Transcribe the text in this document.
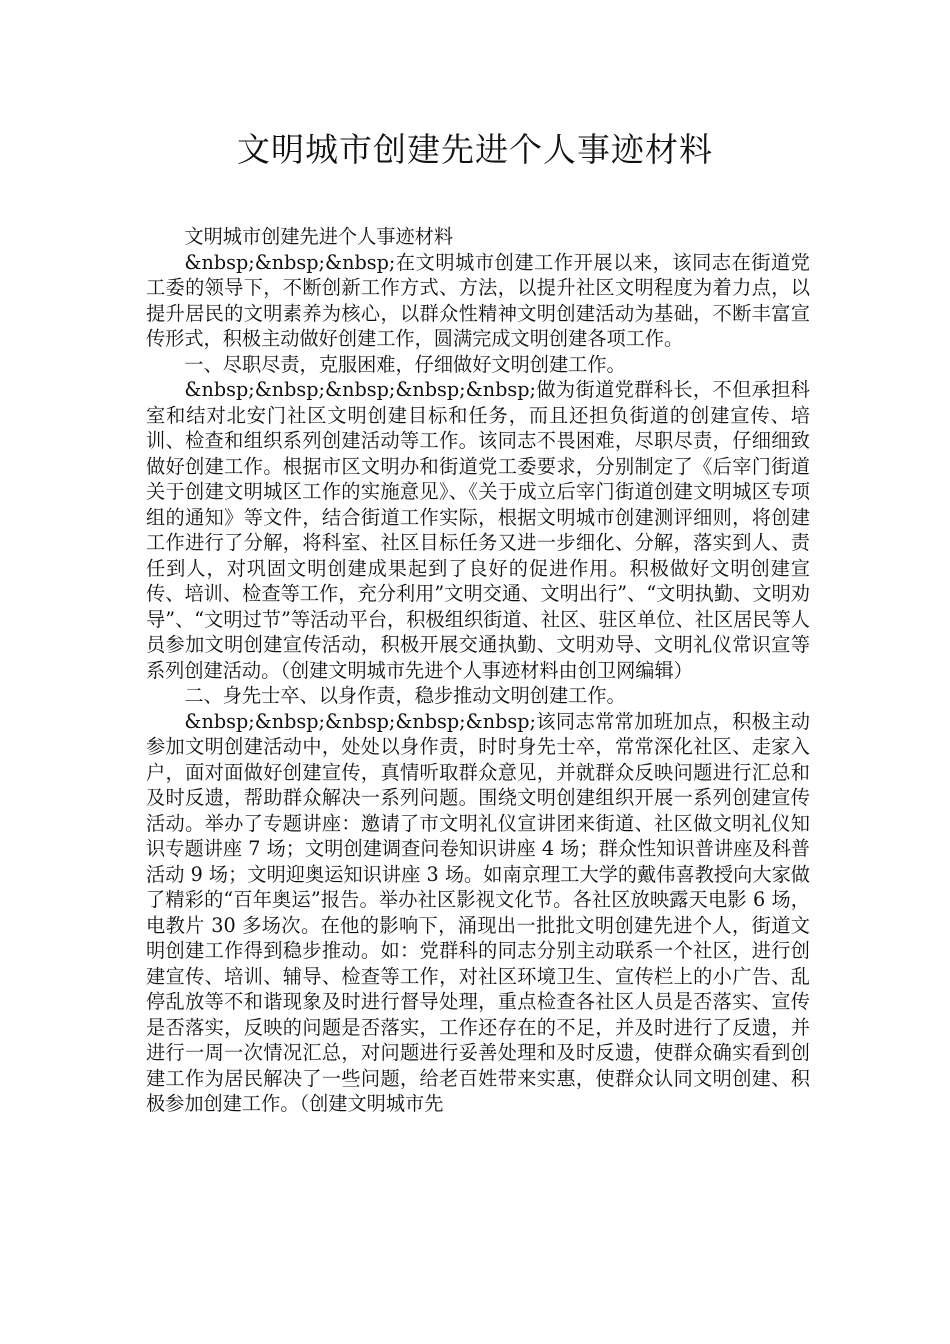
文明城市创建先进个人事迹材料

文明城市创建先进个人事迹材料

&nbsp;&nbsp;&nbsp;在文明城市创建工作开展以来，该同志在街道党工委的领导下，不断创新工作方式、方法，以提升社区文明程度为着力点，以提升居民的文明素养为核心，以群众性精神文明创建活动为基础，不断丰富宣传形式，积极主动做好创建工作，圆满完成文明创建各项工作。

一、尽职尽责，克服困难，仔细做好文明创建工作。

&nbsp;&nbsp;&nbsp;&nbsp;&nbsp;做为街道党群科长，不但承担科室和结对北安门社区文明创建目标和任务，而且还担负街道的创建宣传、培训、检查和组织系列创建活动等工作。该同志不畏困难，尽职尽责，仔细细致做好创建工作。根据市区文明办和街道党工委要求，分别制定了《后宰门街道关于创建文明城区工作的实施意见》、《关于成立后宰门街道创建文明城区专项组的通知》等文件，结合街道工作实际，根据文明城市创建测评细则，将创建工作进行了分解，将科室、社区目标任务又进一步细化、分解，落实到人、责任到人，对巩固文明创建成果起到了良好的促进作用。积极做好文明创建宣传、培训、检查等工作，充分利用”文明交通、文明出行”、“文明执勤、文明劝导”、“文明过节”等活动平台，积极组织街道、社区、驻区单位、社区居民等人员参加文明创建宣传活动，积极开展交通执勤、文明劝导、文明礼仪常识宣等系列创建活动。（创建文明城市先进个人事迹材料由创卫网编辑）

二、身先士卒、以身作责，稳步推动文明创建工作。

&nbsp;&nbsp;&nbsp;&nbsp;&nbsp;该同志常常加班加点，积极主动参加文明创建活动中，处处以身作责，时时身先士卒，常常深化社区、走家入户，面对面做好创建宣传，真情听取群众意见，并就群众反映问题进行汇总和及时反遗，帮助群众解决一系列问题。围绕文明创建组织开展一系列创建宣传活动。举办了专题讲座：邀请了市文明礼仪宣讲团来街道、社区做文明礼仪知识专题讲座 7 场；文明创建调查问卷知识讲座 4 场；群众性知识普讲座及科普活动 9 场；文明迎奥运知识讲座 3 场。如南京理工大学的戴伟喜教授向大家做了精彩的“百年奥运”报告。举办社区影视文化节。各社区放映露天电影 6 场，电教片 30 多场次。在他的影响下，涌现出一批批文明创建先进个人，街道文明创建工作得到稳步推动。如：党群科的同志分别主动联系一个社区，进行创建宣传、培训、辅导、检查等工作，对社区环境卫生、宣传栏上的小广告、乱停乱放等不和谐现象及时进行督导处理，重点检查各社区人员是否落实、宣传是否落实，反映的问题是否落实，工作还存在的不足，并及时进行了反遗，并进行一周一次情况汇总，对问题进行妥善处理和及时反遗，使群众确实看到创建工作为居民解决了一些问题，给老百姓带来实惠，使群众认同文明创建、积极参加创建工作。（创建文明城市先
